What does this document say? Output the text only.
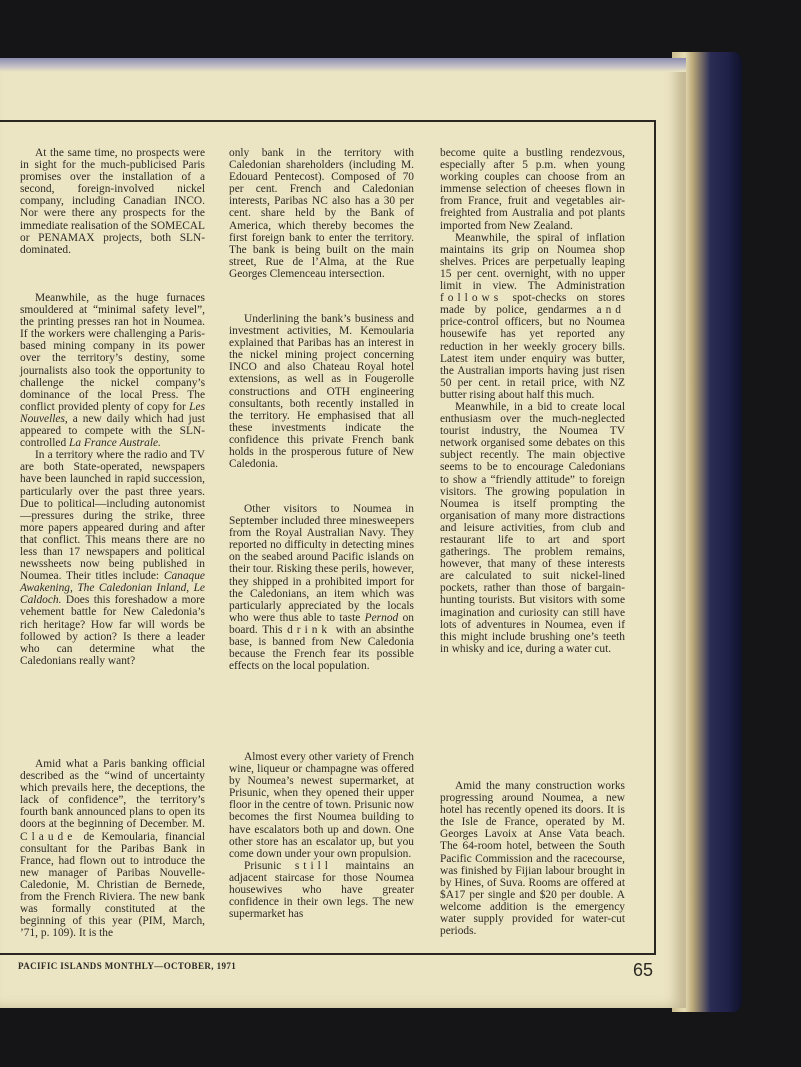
At the same time, no prospects were in sight for the much-publicised Paris promises over the installation of a second, foreign-involved nickel company, including Canadian INCO. Nor were there any prospects for the immediate realisation of the SOMECAL or PENAMAX projects, both SLN-dominated.

Meanwhile, as the huge furnaces smouldered at “minimal safety level”, the printing presses ran hot in Noumea. If the workers were challenging a Paris-based mining company in its power over the territory’s destiny, some journalists also took the opportunity to challenge the nickel company’s dominance of the local Press. The conflict provided plenty of copy for Les Nouvelles, a new daily which had just appeared to compete with the SLN-controlled La France Australe.

In a territory where the radio and TV are both State-operated, newspapers have been launched in rapid succession, particularly over the past three years. Due to political—including autonomist—pressures during the strike, three more papers appeared during and after that conflict. This means there are no less than 17 newspapers and political newssheets now being published in Noumea. Their titles include: Canaque Awakening, The Caledonian Inland, Le Caldoch. Does this foreshadow a more vehement battle for New Caledonia’s rich heritage? How far will words be followed by action? Is there a leader who can determine what the Caledonians really want?

Amid what a Paris banking official described as the “wind of uncertainty which prevails here, the deceptions, the lack of confidence”, the territory’s fourth bank announced plans to open its doors at the beginning of December. M. Claude de Kemoularia, financial consultant for the Paribas Bank in France, had flown out to introduce the new manager of Paribas Nouvelle-Caledonie, M. Christian de Bernede, from the French Riviera. The new bank was formally constituted at the beginning of this year (PIM, March, ’71, p. 109). It is the

only bank in the territory with Caledonian shareholders (including M. Edouard Pentecost). Composed of 70 per cent. French and Caledonian interests, Paribas NC also has a 30 per cent. share held by the Bank of America, which thereby becomes the first foreign bank to enter the territory. The bank is being built on the main street, Rue de l’Alma, at the Rue Georges Clemenceau intersection.

Underlining the bank’s business and investment activities, M. Kemoularia explained that Paribas has an interest in the nickel mining project concerning INCO and also Chateau Royal hotel extensions, as well as in Fougerolle constructions and OTH engineering consultants, both recently installed in the territory. He emphasised that all these investments indicate the confidence this private French bank holds in the prosperous future of New Caledonia.

Other visitors to Noumea in September included three minesweepers from the Royal Australian Navy. They reported no difficulty in detecting mines on the seabed around Pacific islands on their tour. Risking these perils, however, they shipped in a prohibited import for the Caledonians, an item which was particularly appreciated by the locals who were thus able to taste Pernod on board. This drink with an absinthe base, is banned from New Caledonia because the French fear its possible effects on the local population.

Almost every other variety of French wine, liqueur or champagne was offered by Noumea’s newest supermarket, at Prisunic, when they opened their upper floor in the centre of town. Prisunic now becomes the first Noumea building to have escalators both up and down. One other store has an escalator up, but you come down under your own propulsion.

Prisunic still maintains an adjacent staircase for those Noumea housewives who have greater confidence in their own legs. The new supermarket has

become quite a bustling rendezvous, especially after 5 p.m. when young working couples can choose from an immense selection of cheeses flown in from France, fruit and vegetables air-freighted from Australia and pot plants imported from New Zealand.

Meanwhile, the spiral of inflation maintains its grip on Noumea shop shelves. Prices are perpetually leaping 15 per cent. overnight, with no upper limit in view. The Administration follows spot-checks on stores made by police, gendarmes and price-control officers, but no Noumea housewife has yet reported any reduction in her weekly grocery bills. Latest item under enquiry was butter, the Australian imports having just risen 50 per cent. in retail price, with NZ butter rising about half this much.

Meanwhile, in a bid to create local enthusiasm over the much-neglected tourist industry, the Noumea TV network organised some debates on this subject recently. The main objective seems to be to encourage Caledonians to show a “friendly attitude” to foreign visitors. The growing population in Noumea is itself prompting the organisation of many more distractions and leisure activities, from club and restaurant life to art and sport gatherings. The problem remains, however, that many of these interests are calculated to suit nickel-lined pockets, rather than those of bargain-hunting tourists. But visitors with some imagination and curiosity can still have lots of adventures in Noumea, even if this might include brushing one’s teeth in whisky and ice, during a water cut.

Amid the many construction works progressing around Noumea, a new hotel has recently opened its doors. It is the Isle de France, operated by M. Georges Lavoix at Anse Vata beach. The 64-room hotel, between the South Pacific Commission and the racecourse, was finished by Fijian labour brought in by Hines, of Suva. Rooms are offered at $A17 per single and $20 per double. A welcome addition is the emergency water supply provided for water-cut periods.

PACIFIC ISLANDS MONTHLY—OCTOBER, 1971	65
